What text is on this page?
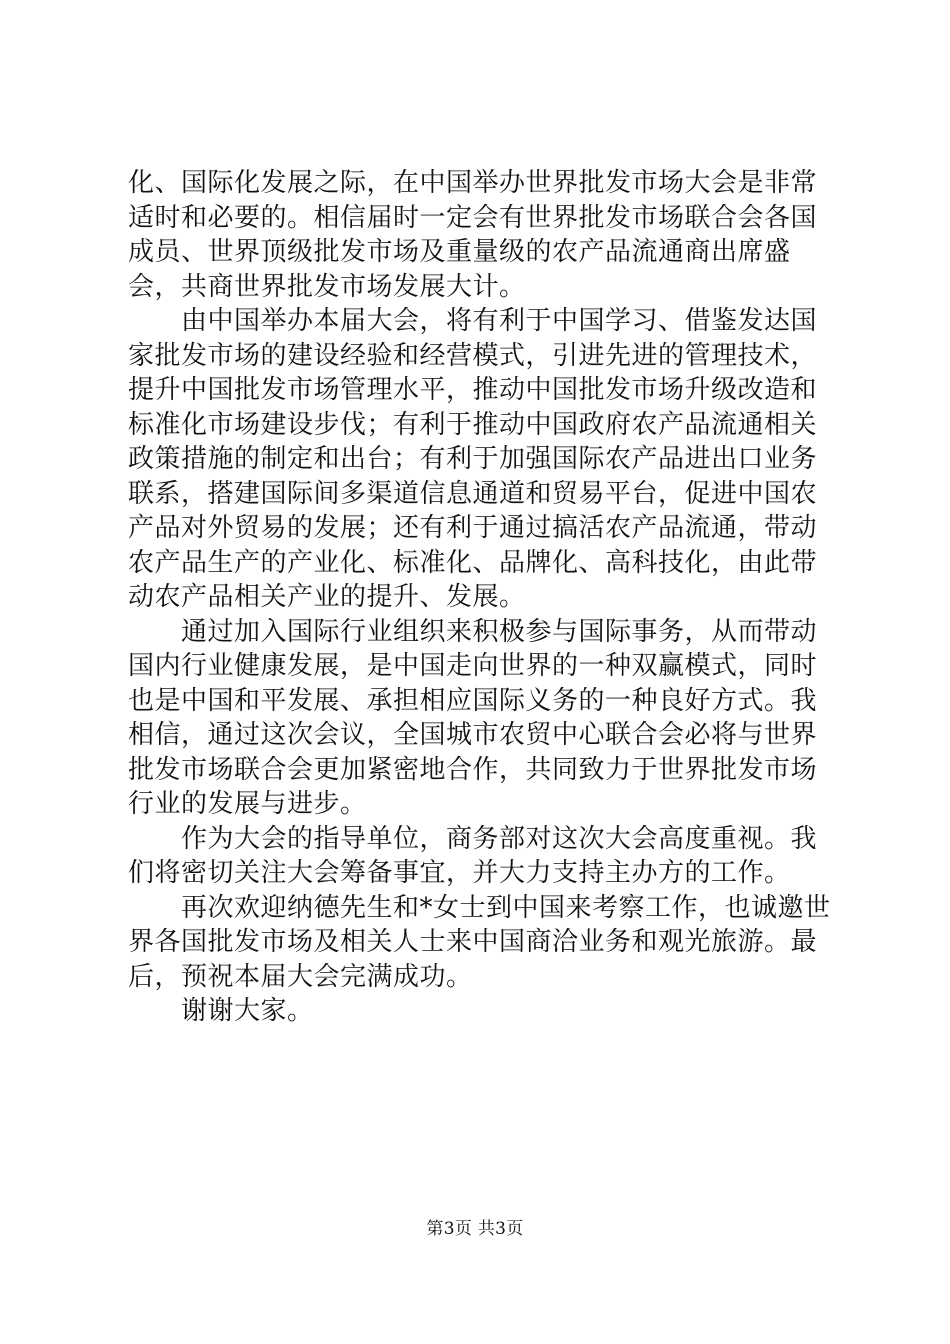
化、国际化发展之际，在中国举办世界批发市场大会是非常适时和必要的。相信届时一定会有世界批发市场联合会各国成员、世界顶级批发市场及重量级的农产品流通商出席盛会，共商世界批发市场发展大计。

由中国举办本届大会，将有利于中国学习、借鉴发达国家批发市场的建设经验和经营模式，引进先进的管理技术，提升中国批发市场管理水平，推动中国批发市场升级改造和标准化市场建设步伐；有利于推动中国政府农产品流通相关政策措施的制定和出台；有利于加强国际农产品进出口业务联系，搭建国际间多渠道信息通道和贸易平台，促进中国农产品对外贸易的发展；还有利于通过搞活农产品流通，带动农产品生产的产业化、标准化、品牌化、高科技化，由此带动农产品相关产业的提升、发展。

通过加入国际行业组织来积极参与国际事务，从而带动国内行业健康发展，是中国走向世界的一种双赢模式，同时也是中国和平发展、承担相应国际义务的一种良好方式。我相信，通过这次会议，全国城市农贸中心联合会必将与世界批发市场联合会更加紧密地合作，共同致力于世界批发市场行业的发展与进步。

作为大会的指导单位，商务部对这次大会高度重视。我们将密切关注大会筹备事宜，并大力支持主办方的工作。

再次欢迎纳德先生和*女士到中国来考察工作，也诚邀世界各国批发市场及相关人士来中国商洽业务和观光旅游。最后，预祝本届大会完满成功。

谢谢大家。

第3页 共3页
